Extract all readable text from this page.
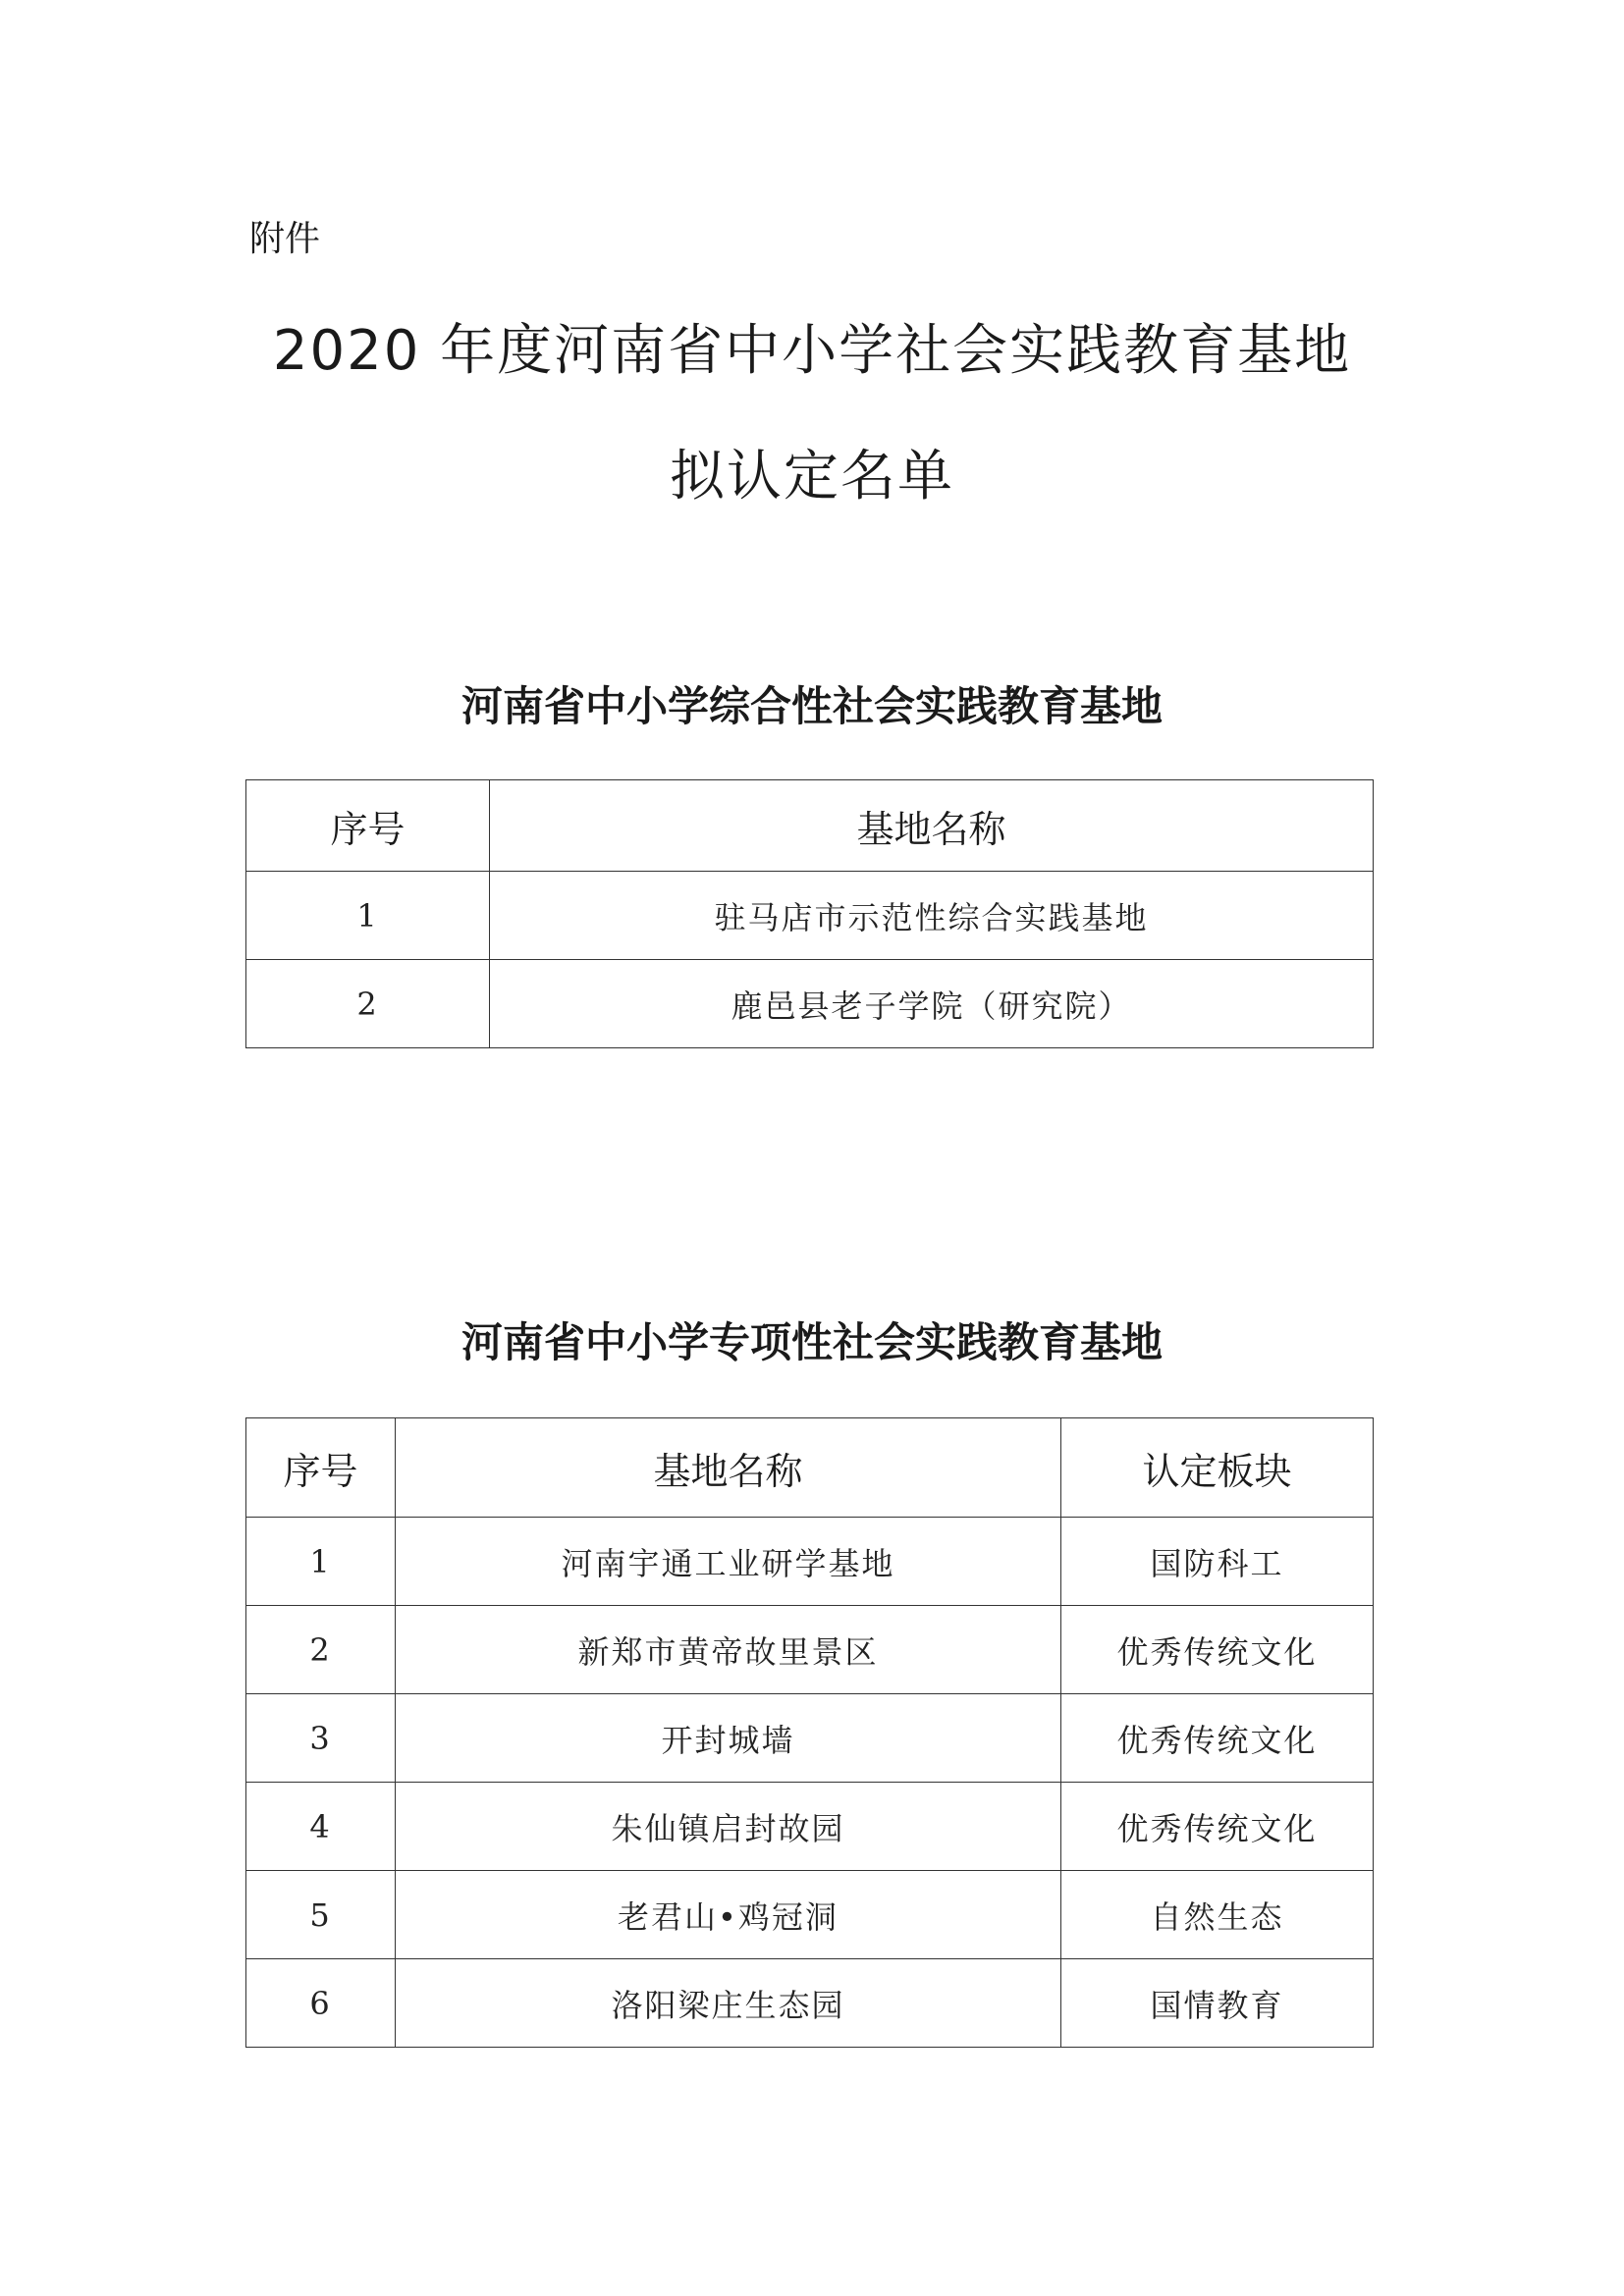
附件
2020 年度河南省中小学社会实践教育基地
拟认定名单
河南省中小学综合性社会实践教育基地
序号	基地名称
1	驻马店市示范性综合实践基地
2	鹿邑县老子学院（研究院）
河南省中小学专项性社会实践教育基地
序号	基地名称	认定板块
1	河南宇通工业研学基地	国防科工
2	新郑市黄帝故里景区	优秀传统文化
3	开封城墙	优秀传统文化
4	朱仙镇启封故园	优秀传统文化
5	老君山•鸡冠洞	自然生态
6	洛阳梁庄生态园	国情教育
